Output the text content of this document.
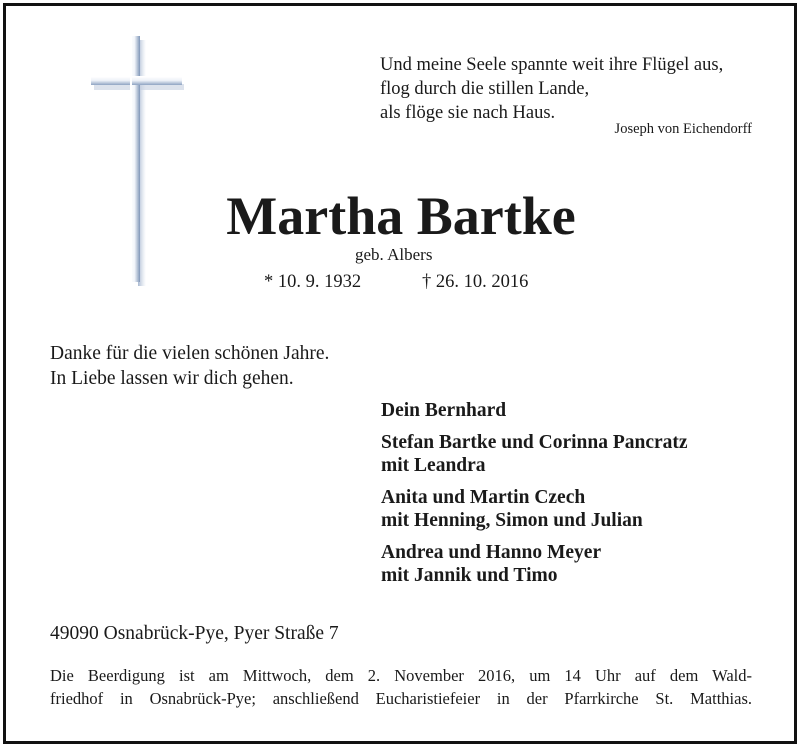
Und meine Seele spannte weit ihre Flügel aus,
flog durch die stillen Lande,
als flöge sie nach Haus.
Joseph von Eichendorff
Martha Bartke
geb. Albers
* 10. 9. 1932	† 26. 10. 2016
Danke für die vielen schönen Jahre.
In Liebe lassen wir dich gehen.
Dein Bernhard
Stefan Bartke und Corinna Pancratz
mit Leandra
Anita und Martin Czech
mit Henning, Simon und Julian
Andrea und Hanno Meyer
mit Jannik und Timo
49090 Osnabrück-Pye, Pyer Straße 7
Die Beerdigung ist am Mittwoch, dem 2. November 2016, um 14 Uhr auf dem Wald-
friedhof in Osnabrück-Pye; anschließend Eucharistiefeier in der Pfarrkirche St. Matthias.
